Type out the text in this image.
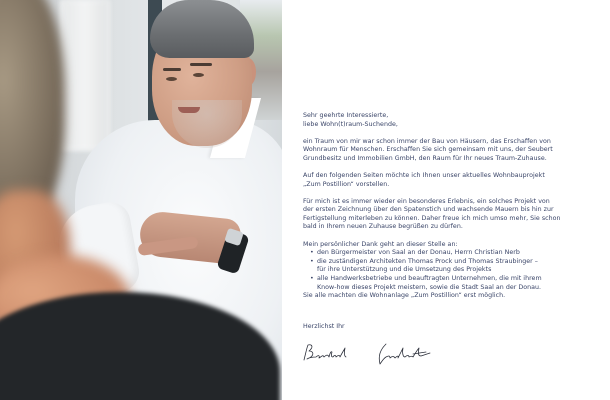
Sehr geehrte Interessierte,
liebe Wohn(t)raum-Suchende,

ein Traum von mir war schon immer der Bau von Häusern, das Erschaffen von
Wohnraum für Menschen. Erschaffen Sie sich gemeinsam mit uns, der Seubert
Grundbesitz und Immobilien GmbH, den Raum für Ihr neues Traum-Zuhause.

Auf den folgenden Seiten möchte ich Ihnen unser aktuelles Wohnbauprojekt
„Zum Postillion“ vorstellen.

Für mich ist es immer wieder ein besonderes Erlebnis, ein solches Projekt von
der ersten Zeichnung über den Spatenstich und wachsende Mauern bis hin zur
Fertigstellung miterleben zu können. Daher freue ich mich umso mehr, Sie schon
bald in Ihrem neuen Zuhause begrüßen zu dürfen.

Mein persönlicher Dank geht an dieser Stelle an:

• den Bürgermeister von Saal an der Donau, Herrn Christian Nerb
• die zuständigen Architekten Thomas Prock und Thomas Straubinger –
für ihre Unterstützung und die Umsetzung des Projekts
• alle Handwerksbetriebe und beauftragten Unternehmen, die mit ihrem
Know-how dieses Projekt meistern, sowie die Stadt Saal an der Donau.

Sie alle machten die Wohnanlage „Zum Postillion“ erst möglich.

Herzlichst Ihr
